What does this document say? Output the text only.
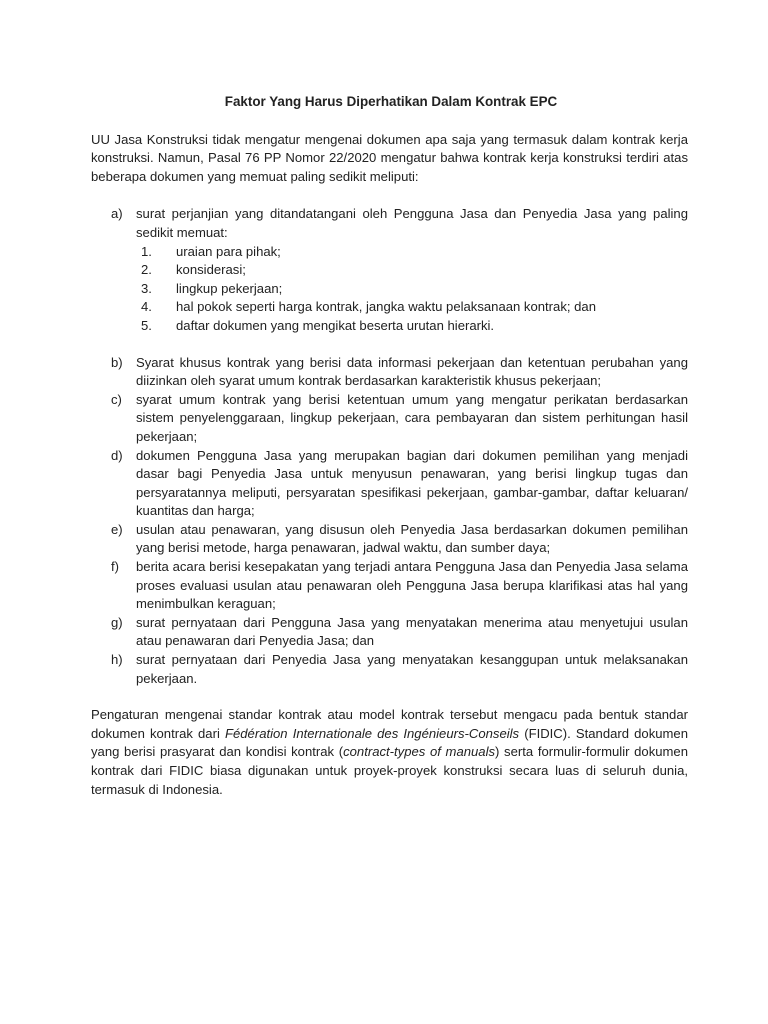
Faktor Yang Harus Diperhatikan Dalam Kontrak EPC

UU Jasa Konstruksi tidak mengatur mengenai dokumen apa saja yang termasuk dalam kontrak kerja konstruksi. Namun, Pasal 76 PP Nomor 22/2020 mengatur bahwa kontrak kerja konstruksi terdiri atas beberapa dokumen yang memuat paling sedikit meliputi:

a)	surat perjanjian yang ditandatangani oleh Pengguna Jasa dan Penyedia Jasa yang paling sedikit memuat:
1.	uraian para pihak;
2.	konsiderasi;
3.	lingkup pekerjaan;
4.	hal pokok seperti harga kontrak, jangka waktu pelaksanaan kontrak; dan
5.	daftar dokumen yang mengikat beserta urutan hierarki.
b)	Syarat khusus kontrak yang berisi data informasi pekerjaan dan ketentuan perubahan yang diizinkan oleh syarat umum kontrak berdasarkan karakteristik khusus pekerjaan;
c)	syarat umum kontrak yang berisi ketentuan umum yang mengatur perikatan berdasarkan sistem penyelenggaraan, lingkup pekerjaan, cara pembayaran dan sistem perhitungan hasil pekerjaan;
d)	dokumen Pengguna Jasa yang merupakan bagian dari dokumen pemilihan yang menjadi dasar bagi Penyedia Jasa untuk menyusun penawaran, yang berisi lingkup tugas dan persyaratannya meliputi, persyaratan spesifikasi pekerjaan, gambar-gambar, daftar keluaran/ kuantitas dan harga;
e)	usulan atau penawaran, yang disusun oleh Penyedia Jasa berdasarkan dokumen pemilihan yang berisi metode, harga penawaran, jadwal waktu, dan sumber daya;
f)	berita acara berisi kesepakatan yang terjadi antara Pengguna Jasa dan Penyedia Jasa selama proses evaluasi usulan atau penawaran oleh Pengguna Jasa berupa klarifikasi atas hal yang menimbulkan keraguan;
g)	surat pernyataan dari Pengguna Jasa yang menyatakan menerima atau menyetujui usulan atau penawaran dari Penyedia Jasa; dan
h)	surat pernyataan dari Penyedia Jasa yang menyatakan kesanggupan untuk melaksanakan pekerjaan.

Pengaturan mengenai standar kontrak atau model kontrak tersebut mengacu pada bentuk standar dokumen kontrak dari Fédération Internationale des Ingénieurs-Conseils (FIDIC). Standard dokumen yang berisi prasyarat dan kondisi kontrak (contract-types of manuals) serta formulir-formulir dokumen kontrak dari FIDIC biasa digunakan untuk proyek-proyek konstruksi secara luas di seluruh dunia, termasuk di Indonesia.
